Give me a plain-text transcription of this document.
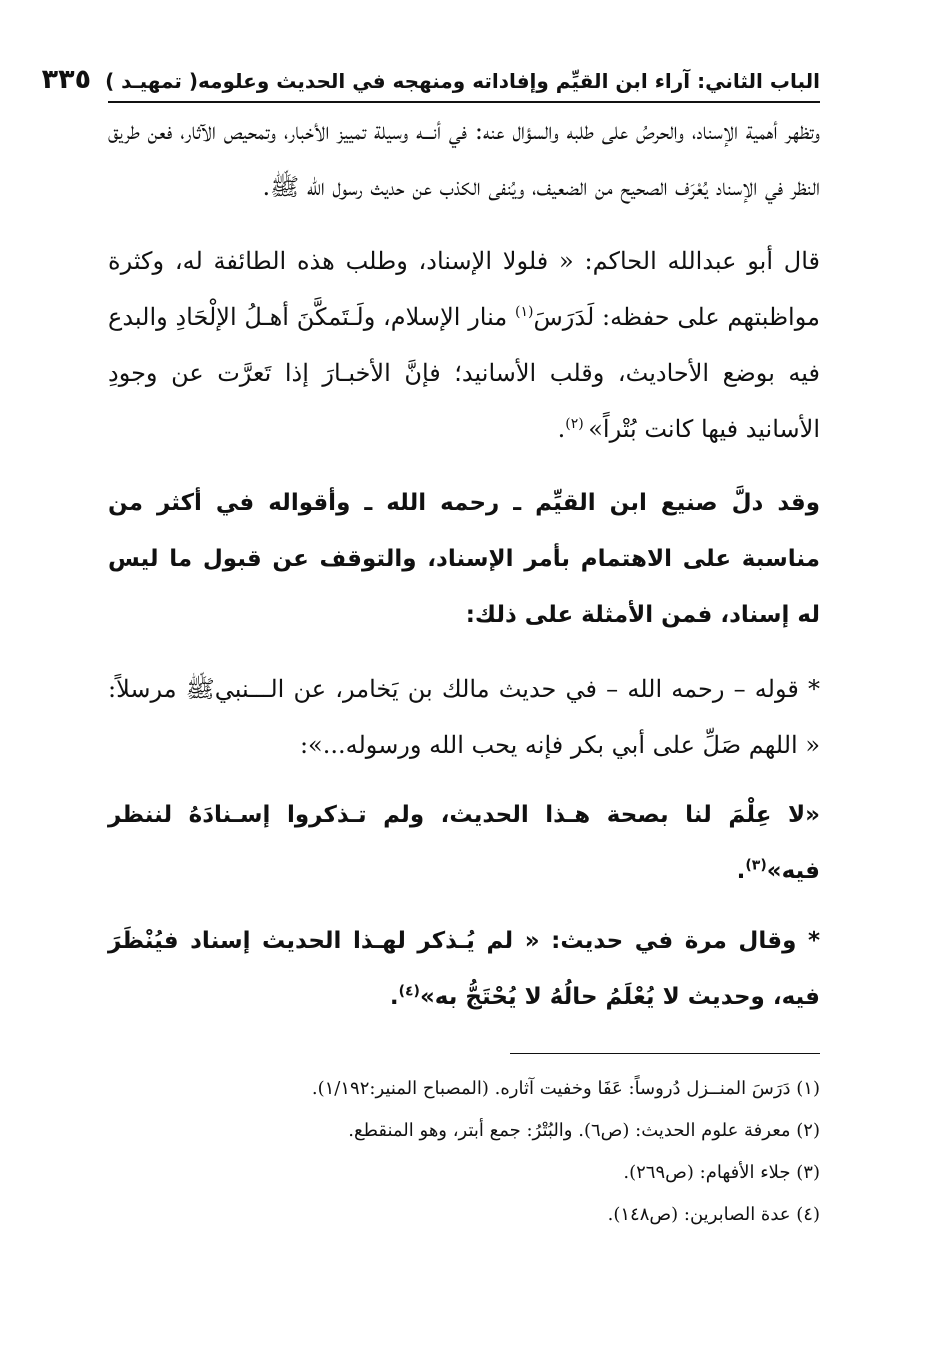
الباب الثاني: آراء ابن القيِّم وإفاداته ومنهجه في الحديث وعلومه
( تمهيـد )
٣٣٥

وتظهر أهمية الإسناد، والحرصُ على طلبه والسؤال عنه: في أنـــه وسيلة تمييز الأخبار، وتمحيص الآثار، فعن طريق النظر في الإسناد يُعْرَف الصحيح من الضعيف، ويُنفى الكذب عن حديث رسول الله ﷺ.

قال أبو عبدالله الحاكم: « فلولا الإسناد، وطلب هذه الطائفة له، وكثرة مواظبتهم على حفظه: لَدَرَسَ$^{(١)}$ منار الإسلام، ولَـتَمكَّنَ أهـلُ الإلْحَادِ والبدع فيه بوضع الأحاديث، وقلب الأسانيد؛ فإنَّ الأخبـارَ إذا تَعرَّت عن وجودِ الأسانيد فيها كانت بُتْراً» $^{(٢)}$.

وقد دلَّ صنيع ابن القيِّم ـ رحمه الله ـ وأقواله في أكثر من مناسبة على الاهتمام بأمر الإسناد، والتوقف عن قبول ما ليس له إسناد، فمن الأمثلة على ذلك:

* قوله – رحمه الله – في حديث مالك بن يَخامر، عن الـــنبيﷺ مرسلاً: « اللهم صَلِّ على أبي بكر فإنه يحب الله ورسوله...»:

«لا عِلْمَ لنا بصحة هـذا الحديث، ولم تـذكروا إسـنادَهُ لننظر فيه»$^{(٣)}$.

* وقال مرة في حديث: « لم يُـذكر لهـذا الحديث إسناد فيُنْظَرَ فيه، وحديث لا يُعْلَمُ حالُهُ لا يُحْتَجُّ به»$^{(٤)}$.

(١) دَرَسَ المنــزل دُروساً: عَفَا وخفيت آثاره. (المصباح المنير:١/١٩٢).
(٢) معرفة علوم الحديث: (ص٦). والبُتْرُ: جمع أبتر، وهو المنقطع.
(٣) جلاء الأفهام: (ص٢٦٩).
(٤) عدة الصابرين: (ص١٤٨).
